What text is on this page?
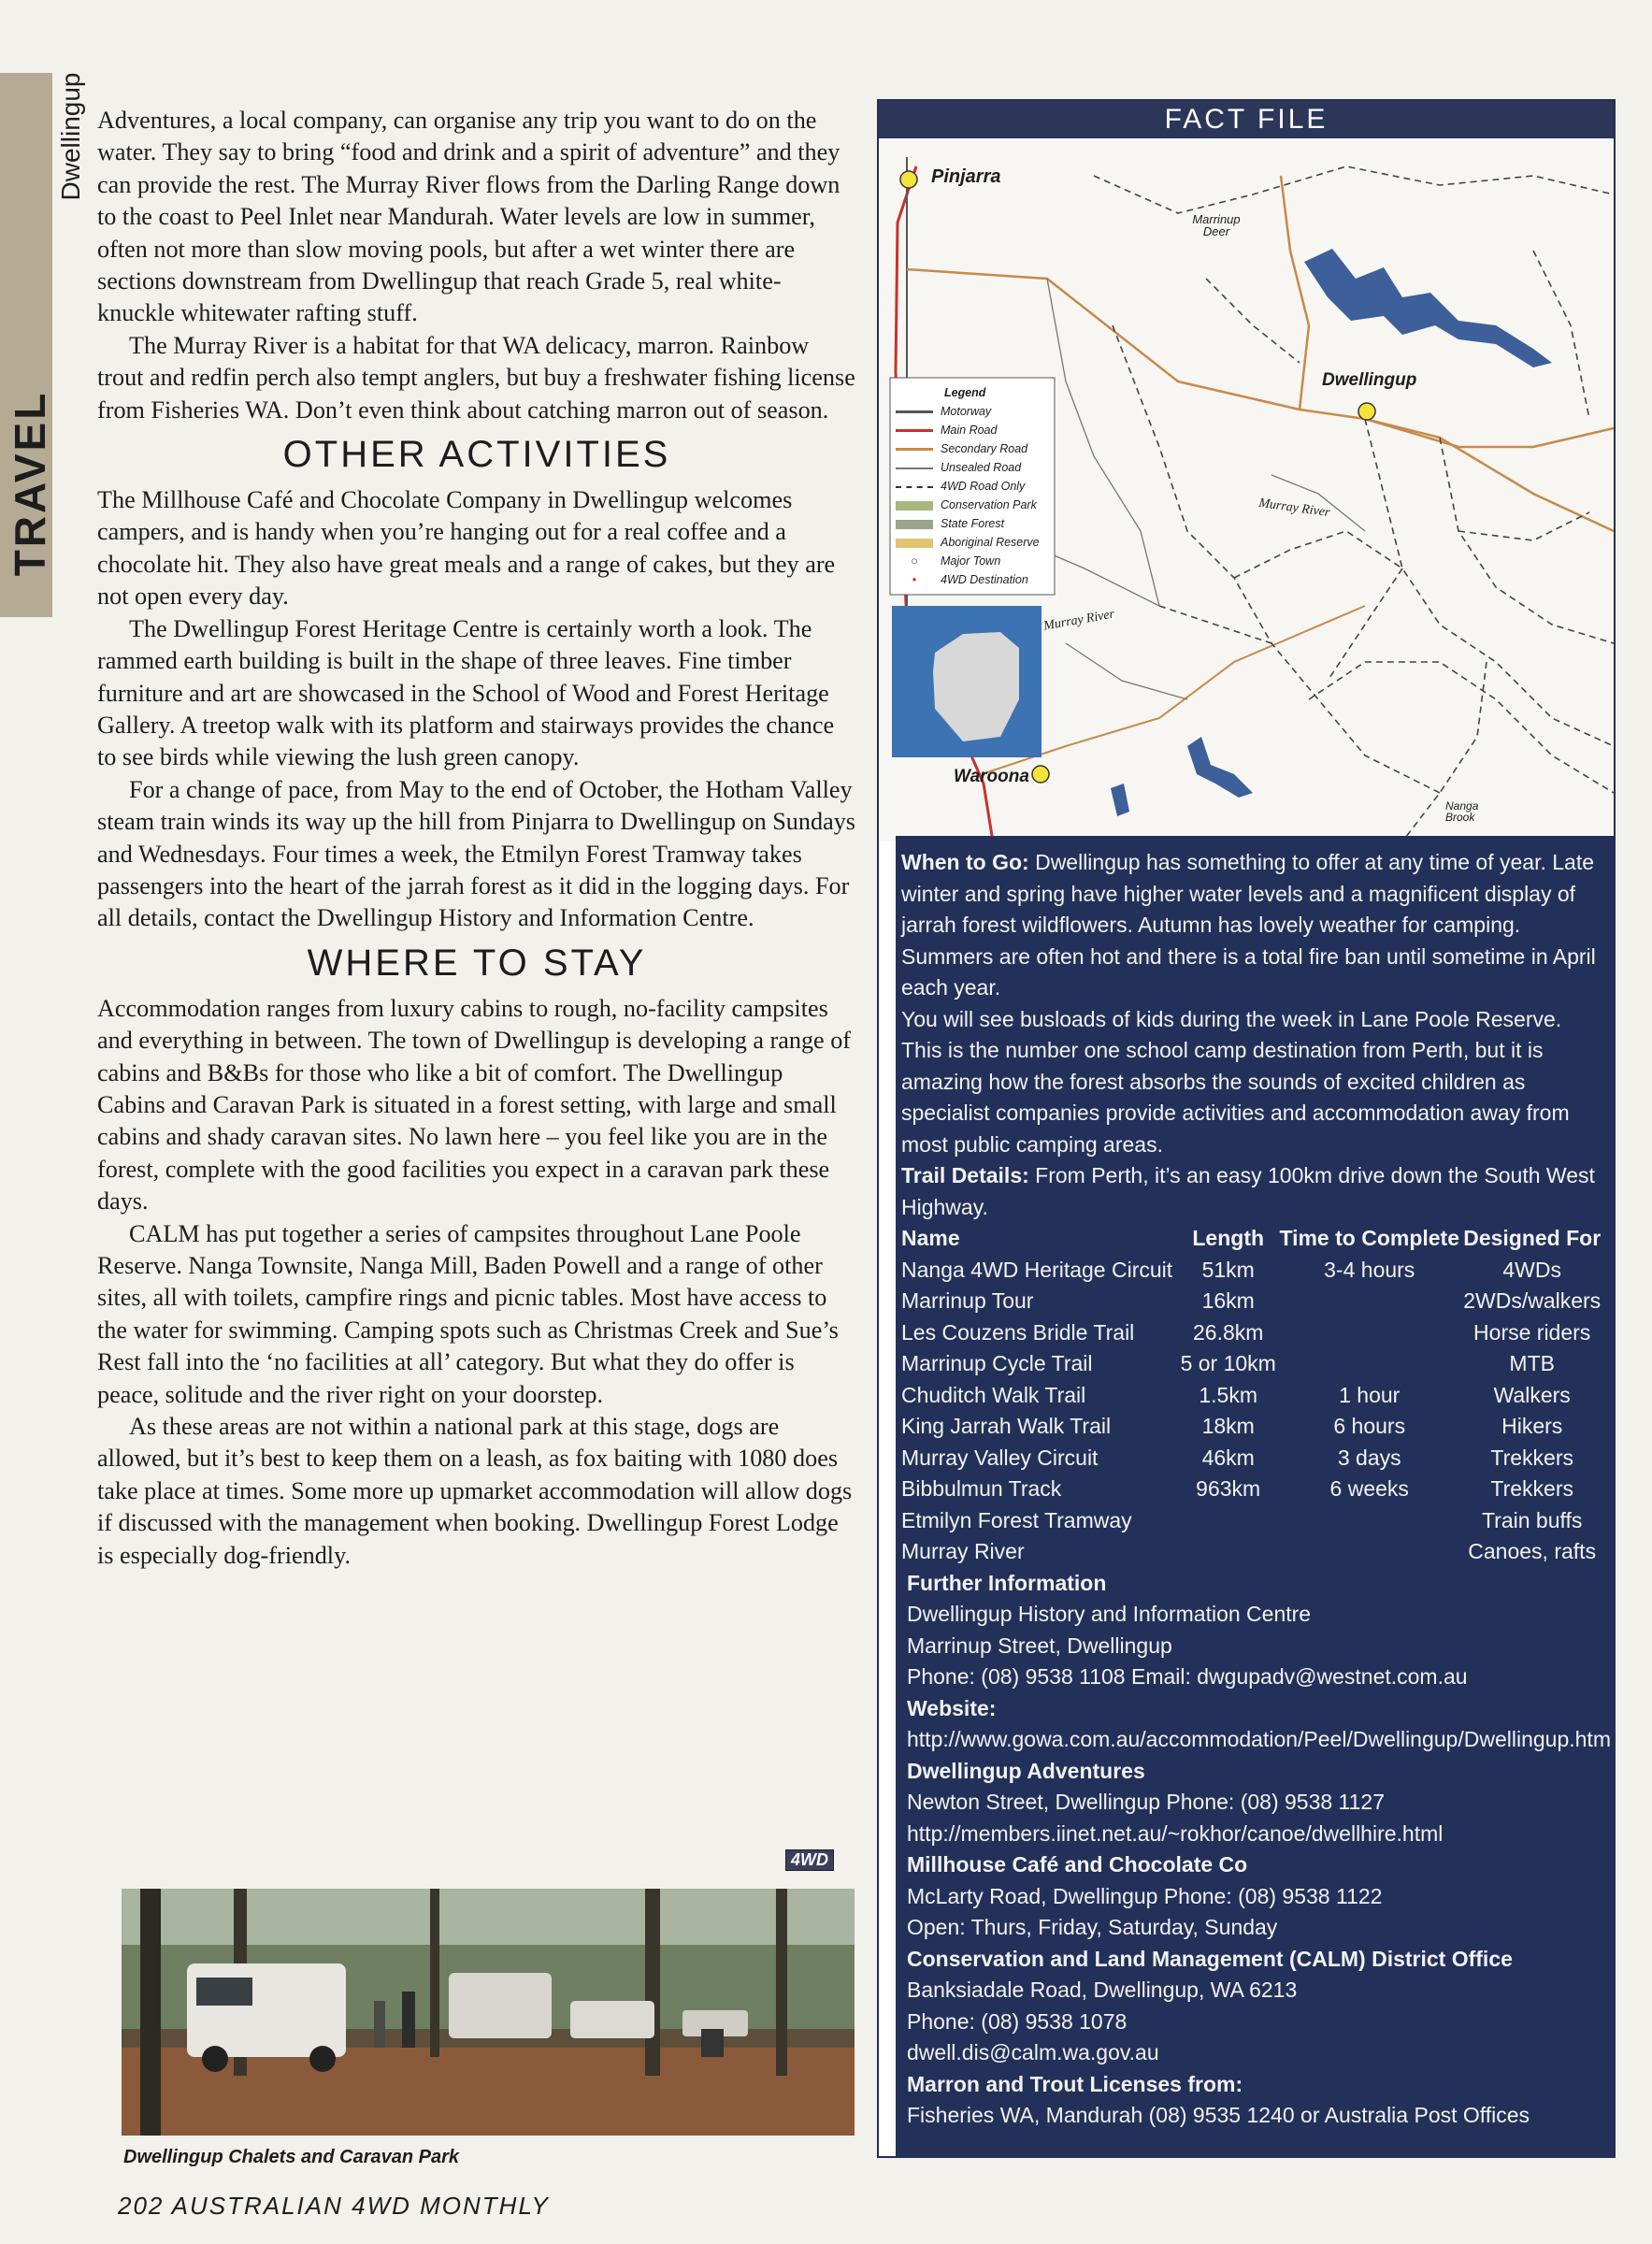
Dwellingup
TRAVEL

Adventures, a local company, can organise any trip you want to do on the water. They say to bring “food and drink and a spirit of adventure” and they can provide the rest. The Murray River flows from the Darling Range down to the coast to Peel Inlet near Mandurah. Water levels are low in summer, often not more than slow moving pools, but after a wet winter there are sections downstream from Dwellingup that reach Grade 5, real white-knuckle whitewater rafting stuff.

The Murray River is a habitat for that WA delicacy, marron. Rainbow trout and redfin perch also tempt anglers, but buy a freshwater fishing license from Fisheries WA. Don’t even think about catching marron out of season.

OTHER ACTIVITIES

The Millhouse Café and Chocolate Company in Dwellingup welcomes campers, and is handy when you’re hanging out for a real coffee and a chocolate hit. They also have great meals and a range of cakes, but they are not open every day.

The Dwellingup Forest Heritage Centre is certainly worth a look. The rammed earth building is built in the shape of three leaves. Fine timber furniture and art are showcased in the School of Wood and Forest Heritage Gallery. A treetop walk with its platform and stairways provides the chance to see birds while viewing the lush green canopy.

For a change of pace, from May to the end of October, the Hotham Valley steam train winds its way up the hill from Pinjarra to Dwellingup on Sundays and Wednesdays. Four times a week, the Etmilyn Forest Tramway takes passengers into the heart of the jarrah forest as it did in the logging days. For all details, contact the Dwellingup History and Information Centre.

WHERE TO STAY

Accommodation ranges from luxury cabins to rough, no-facility campsites and everything in between. The town of Dwellingup is developing a range of cabins and B&Bs for those who like a bit of comfort. The Dwellingup Cabins and Caravan Park is situated in a forest setting, with large and small cabins and shady caravan sites. No lawn here – you feel like you are in the forest, complete with the good facilities you expect in a caravan park these days.

CALM has put together a series of campsites throughout Lane Poole Reserve. Nanga Townsite, Nanga Mill, Baden Powell and a range of other sites, all with toilets, campfire rings and picnic tables. Most have access to the water for swimming. Camping spots such as Christmas Creek and Sue’s Rest fall into the ‘no facilities at all’ category. But what they do offer is peace, solitude and the river right on your doorstep.

As these areas are not within a national park at this stage, dogs are allowed, but it’s best to keep them on a leash, as fox baiting with 1080 does take place at times. Some more up upmarket accommodation will allow dogs if discussed with the management when booking. Dwellingup Forest Lodge is especially dog-friendly.

4WD
Dwellingup Chalets and Caravan Park
202 AUSTRALIAN 4WD MONTHLY
FACT FILE
Pinjarra
Dwellingup
Waroona
Marrinup Deer
Murray River
Murray River
Nanga Brook
Legend
Motorway
Main Road
Secondary Road
Unsealed Road
4WD Road Only
Conservation Park
State Forest
Aboriginal Reserve
○ Major Town
• 4WD Destination

When to Go: Dwellingup has something to offer at any time of year. Late winter and spring have higher water levels and a magnificent display of jarrah forest wildflowers. Autumn has lovely weather for camping. Summers are often hot and there is a total fire ban until sometime in April each year.

You will see busloads of kids during the week in Lane Poole Reserve. This is the number one school camp destination from Perth, but it is amazing how the forest absorbs the sounds of excited children as specialist companies provide activities and accommodation away from most public camping areas.

Trail Details: From Perth, it’s an easy 100km drive down the South West Highway.

Name	Length	Time to Complete	Designed For
Nanga 4WD Heritage Circuit	51km	3-4 hours	4WDs
Marrinup Tour	16km		2WDs/walkers
Les Couzens Bridle Trail	26.8km		Horse riders
Marrinup Cycle Trail	5 or 10km		MTB
Chuditch Walk Trail	1.5km	1 hour	Walkers
King Jarrah Walk Trail	18km	6 hours	Hikers
Murray Valley Circuit	46km	3 days	Trekkers
Bibbulmun Track	963km	6 weeks	Trekkers
Etmilyn Forest Tramway			Train buffs
Murray River			Canoes, rafts

Further Information

Dwellingup History and Information Centre

Marrinup Street, Dwellingup

Phone: (08) 9538 1108 Email: dwgupadv@westnet.com.au

Website:

http://www.gowa.com.au/accommodation/Peel/Dwellingup/Dwellingup.htm

Dwellingup Adventures

Newton Street, Dwellingup Phone: (08) 9538 1127

http://members.iinet.net.au/~rokhor/canoe/dwellhire.html

Millhouse Café and Chocolate Co

McLarty Road, Dwellingup Phone: (08) 9538 1122

Open: Thurs, Friday, Saturday, Sunday

Conservation and Land Management (CALM) District Office

Banksiadale Road, Dwellingup, WA 6213

Phone: (08) 9538 1078

dwell.dis@calm.wa.gov.au

Marron and Trout Licenses from:

Fisheries WA, Mandurah (08) 9535 1240 or Australia Post Offices
